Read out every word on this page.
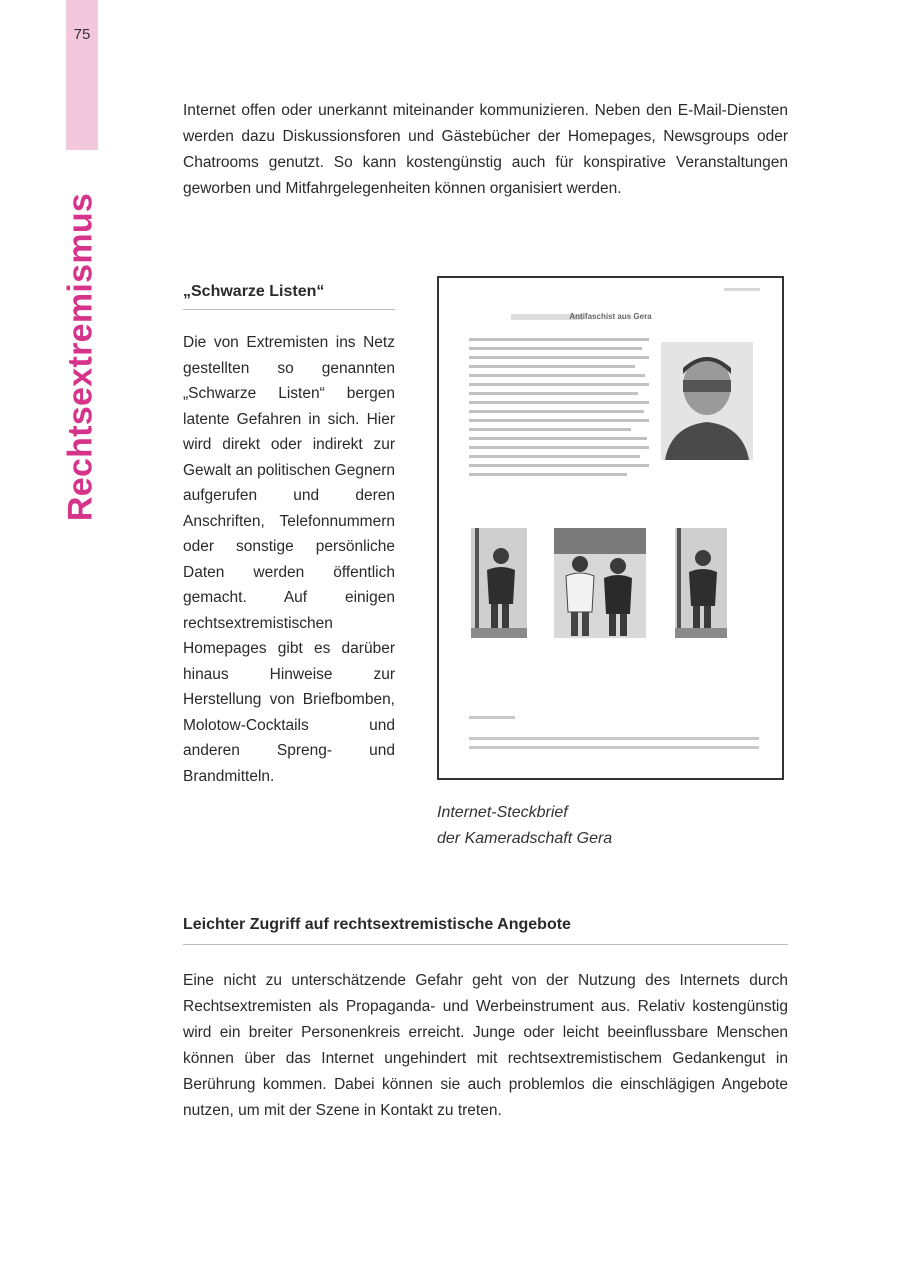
75
Rechtsextremismus

Internet offen oder unerkannt miteinander kommunizieren. Neben den E-Mail-Diensten werden dazu Diskussionsforen und Gästebücher der Homepages, Newsgroups oder Chatrooms genutzt. So kann kostengünstig auch für konspirative Veranstaltungen geworben und Mitfahrgelegenheiten können organisiert werden.

„Schwarze Listen“

Die von Extremisten ins Netz gestellten so genannten „Schwarze Listen“ bergen latente Gefahren in sich. Hier wird direkt oder indirekt zur Gewalt an politischen Gegnern aufgerufen und deren Anschriften, Telefonnummern oder sonstige persönliche Daten werden öffentlich gemacht. Auf einigen rechtsextremistischen Homepages gibt es darüber hinaus Hinweise zur Herstellung von Briefbomben, Molotow-Cocktails und anderen Spreng- und Brandmitteln.

Antifaschist aus Gera

Internet-Steckbrief
der Kameradschaft Gera

Leichter Zugriff auf rechtsextremistische Angebote

Eine nicht zu unterschätzende Gefahr geht von der Nutzung des Internets durch Rechtsextremisten als Propaganda- und Werbeinstrument aus. Relativ kostengünstig wird ein breiter Personenkreis erreicht. Junge oder leicht beeinflussbare Menschen können über das Internet ungehindert mit rechtsextremistischem Gedankengut in Berührung kommen. Dabei können sie auch problemlos die einschlägigen Angebote nutzen, um mit der Szene in Kontakt zu treten.
